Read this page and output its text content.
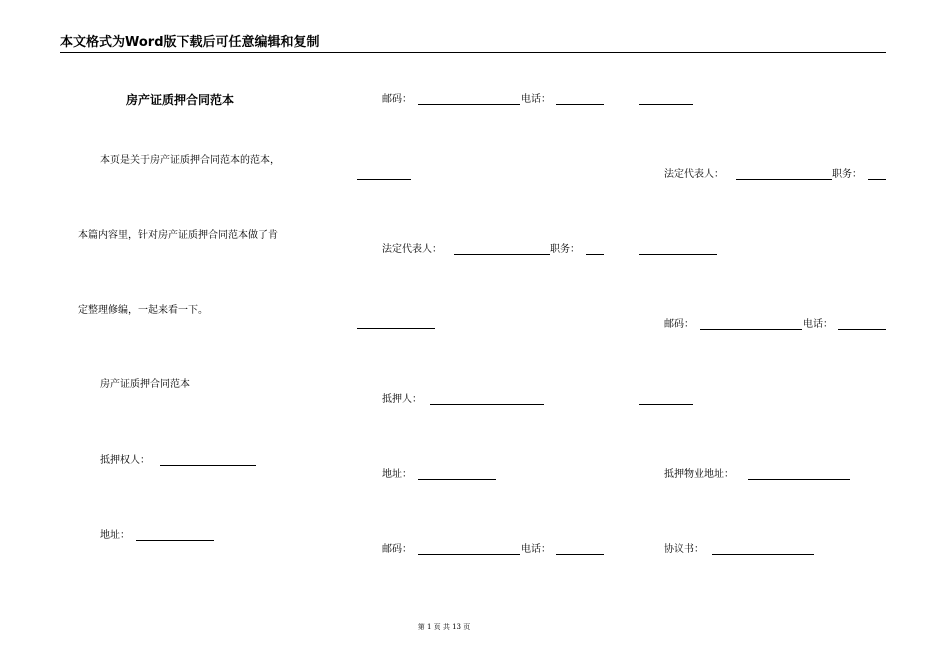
本文格式为Word版下载后可任意编辑和复制
房产证质押合同范本
本页是关于房产证质押合同范本的范本，
本篇内容里，针对房产证质押合同范本做了肯
定整理修编，一起来看一下。
房产证质押合同范本
抵押权人：
地址：
邮码：	电话：
法定代表人：	职务：
抵押人：
地址：
邮码：	电话：
法定代表人：	职务：
邮码：	电话：
抵押物业地址：
协议书：
第 1 页 共 13 页
